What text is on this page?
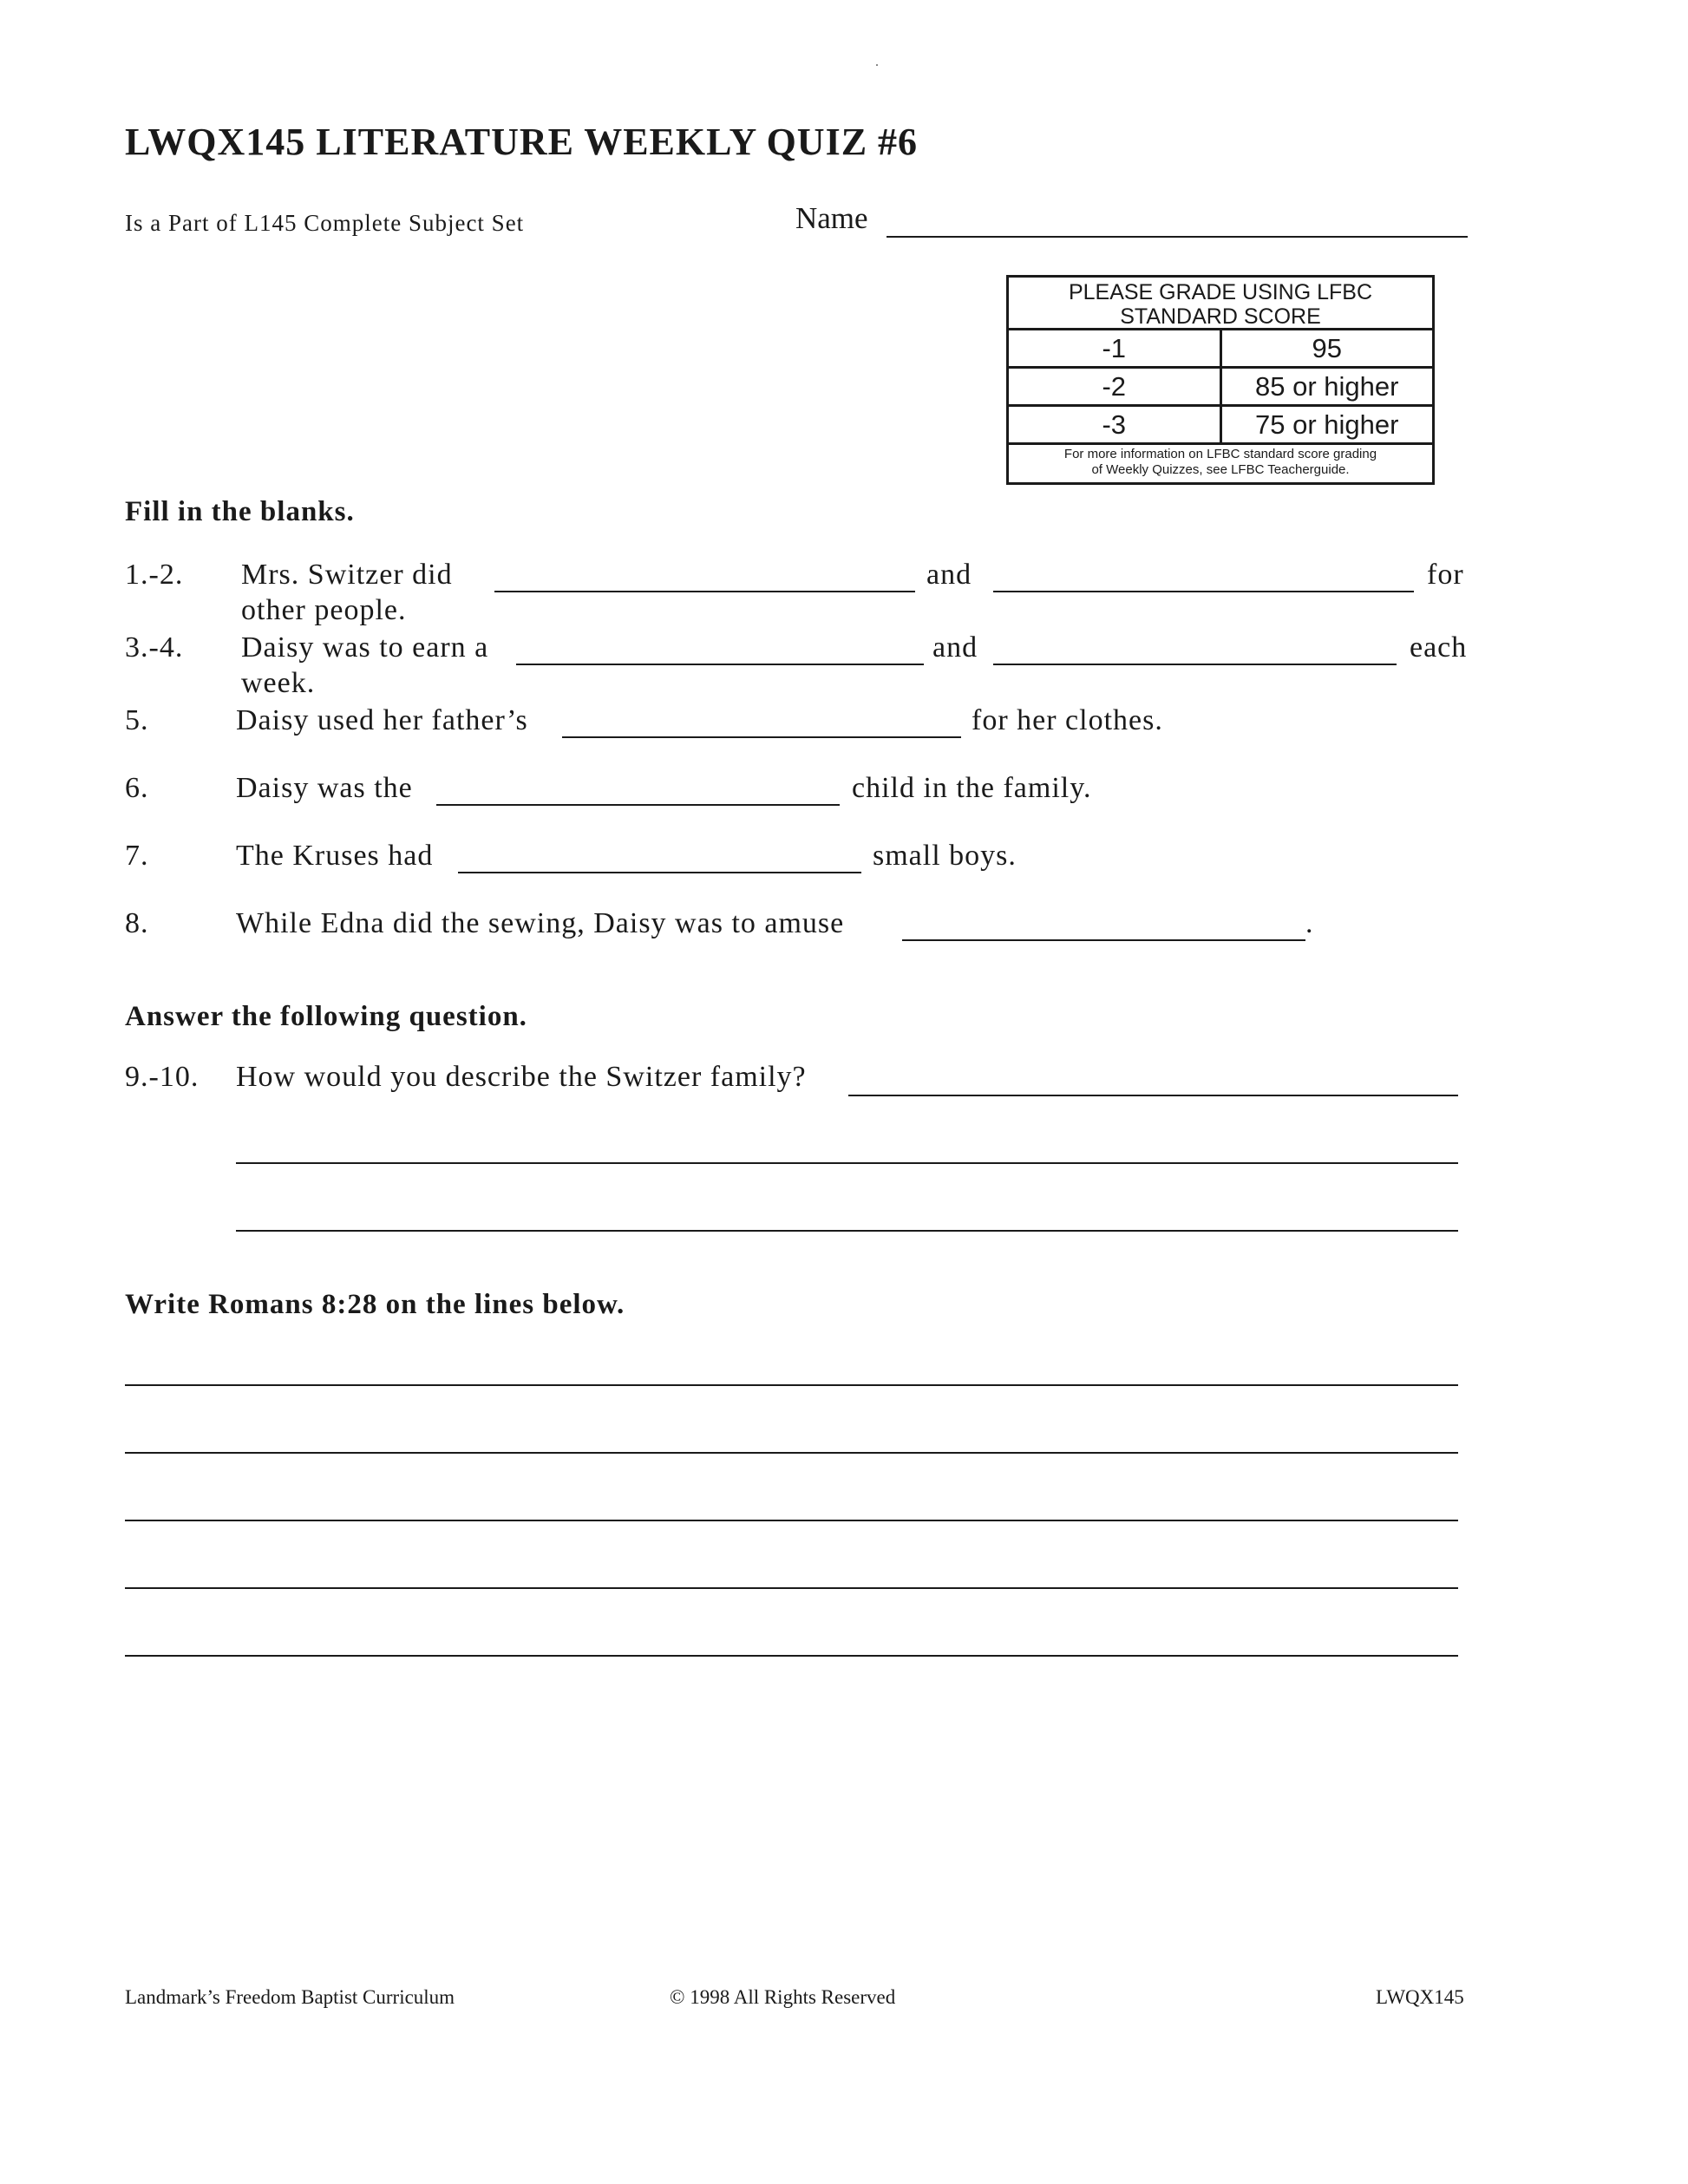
LWQX145 LITERATURE WEEKLY QUIZ #6
Is a Part of L145 Complete Subject Set	Name
PLEASE GRADE USING LFBC
STANDARD SCORE
-1	95
-2	85 or higher
-3	75 or higher
For more information on LFBC standard score grading
of Weekly Quizzes, see LFBC Teacherguide.
Fill in the blanks.
1.-2. Mrs. Switzer did	and	for
other people.
3.-4. Daisy was to earn a	and	each
week.
5.	Daisy used her father’s	for her clothes.
6.	Daisy was the	child in the family.
7.	The Kruses had	small boys.
8.	While Edna did the sewing, Daisy was to amuse	.
Answer the following question.
9.-10. How would you describe the Switzer family?
Write Romans 8:28 on the lines below.
Landmark’s Freedom Baptist Curriculum	© 1998 All Rights Reserved	LWQX145
